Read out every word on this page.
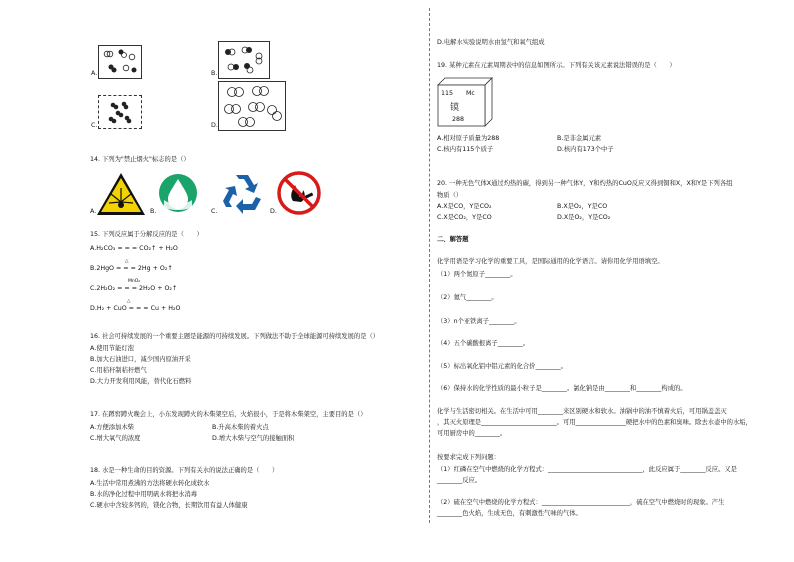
A.	B.
C.	D.
14. 下列为"禁止烟火"标志的是（）
A.	B.	C.	D.
15. 下列反应属于分解反应的是（　　）
A.H₂CO₃ = = = CO₂↑ + H₂O
△
B.2HgO = = = 2Hg + O₂↑
MnO₂
C.2H₂O₂ = = = 2H₂O + O₂↑
△
D.H₂ + CuO = = = Cu + H₂O
16. 社会可持续发展的一个重要主题是能源的可持续发展。下列做法不助于全球能源可持续发展的是（）
A.使用节能灯泡
B.加大石油进口，减少国内原油开采
C.用秸秆制秸秆燃气
D.大力开发利用风能，替代化石燃料
17. 在蹲窖蹲火晚会上，小东发现蹲火的木柴架空后，火焰很小，于是将木柴架空，主要目的是（）
A.方便添加木柴	B.升高木柴的着火点
C.增大氧气的浓度	D.增大木柴与空气的接触面积
18. 水是一种生命的目的资源。下列有关水的说法正确的是（　　）
A.生活中常用煮沸的方法将硬水转化成软水
B.水的净化过程中用明矾水将把水消毒
C.硬水中含较多钙的，镁化合物，长期饮用有益人体健康
D.电解水实验说明水由氢气和氧气组成
19. 某种元素在元素周期表中的信息如图所示。下列有关该元素说法错误的是（　　）
115 Mc
镆
288
A.相对原子质量为288	B.是非金属元素
C.核内有115个质子	D.核内有173个中子
20. 一种无色气体X通过灼热的碳，得到另一种气体Y，Y和灼热的CuO反应又得到铜和X，X和Y是下列各组
物质（）
A.X是CO，Y是CO₂	B.X是O₂，Y是CO
C.X是CO₂，Y是CO	D.X是O₂，Y是CO₂
二、解答题
化学用语是学习化学的重要工具，是国际通用的化学语言。请你用化学用语填空。
（1）两个氮原子________。
（2）氦气________。
（3）n个亚铁离子________。
（4）五个碳酸根离子________。
（5）标出氧化铝中铝元素的化合价________。
（6）保持水的化学性质的最小粒子是________。氯化钠是由________和________构成的。
化学与生活密切相关。在生活中可用________来区别硬水和软水。油锅中的油不慎着火后，可用锅盖盖灭
，其灭火原理是________________________。可用________________硬把水中的色素和臭味。除去水壶中的水垢，
可用厨房中的________。
按要求完成下列问题：
（1）红磷在空气中燃烧的化学方程式：______________________________，此反应属于________反应。又是
________反应。
（2）硫在空气中燃烧的化学方程式：____________________________，硫在空气中燃烧时的现象。产生
________色火焰，生成无色，有刺激性气味的气体。
